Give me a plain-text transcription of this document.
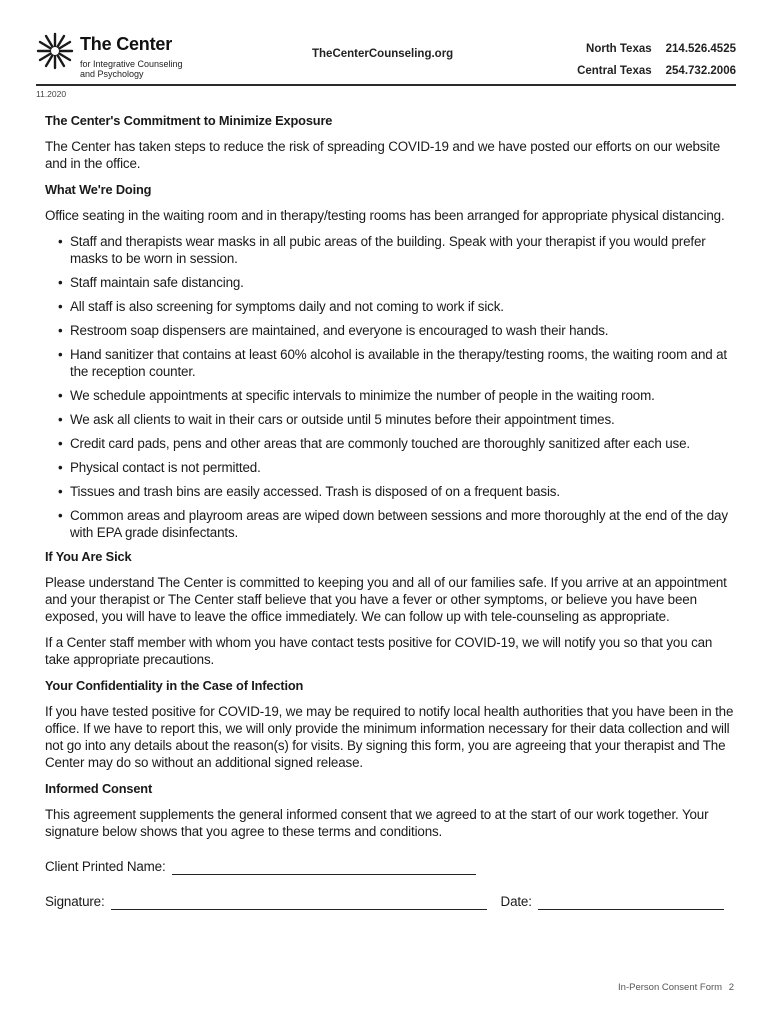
The Center
for Integrative Counseling
and Psychology
TheCenterCounseling.org	North Texas 214.526.4525
Central Texas 254.732.2006
11.2020
The Center's Commitment to Minimize Exposure

The Center has taken steps to reduce the risk of spreading COVID-19 and we have posted our efforts on our website and in the office.

What We're Doing

Office seating in the waiting room and in therapy/testing rooms has been arranged for appropriate physical distancing.

• Staff and therapists wear masks in all pubic areas of the building. Speak with your therapist if you would prefer masks to be worn in session.
• Staff maintain safe distancing.
• All staff is also screening for symptoms daily and not coming to work if sick.
• Restroom soap dispensers are maintained, and everyone is encouraged to wash their hands.
• Hand sanitizer that contains at least 60% alcohol is available in the therapy/testing rooms, the waiting room and at the reception counter.
• We schedule appointments at specific intervals to minimize the number of people in the waiting room.
• We ask all clients to wait in their cars or outside until 5 minutes before their appointment times.
• Credit card pads, pens and other areas that are commonly touched are thoroughly sanitized after each use.
• Physical contact is not permitted.
• Tissues and trash bins are easily accessed. Trash is disposed of on a frequent basis.
• Common areas and playroom areas are wiped down between sessions and more thoroughly at the end of the day with EPA grade disinfectants.
If You Are Sick

Please understand The Center is committed to keeping you and all of our families safe. If you arrive at an appointment and your therapist or The Center staff believe that you have a fever or other symptoms, or believe you have been exposed, you will have to leave the office immediately. We can follow up with tele-counseling as appropriate.

If a Center staff member with whom you have contact tests positive for COVID-19, we will notify you so that you can take appropriate precautions.

Your Confidentiality in the Case of Infection

If you have tested positive for COVID-19, we may be required to notify local health authorities that you have been in the office. If we have to report this, we will only provide the minimum information necessary for their data collection and will not go into any details about the reason(s) for visits. By signing this form, you are agreeing that your therapist and The Center may do so without an additional signed release.

Informed Consent

This agreement supplements the general informed consent that we agreed to at the start of our work together. Your signature below shows that you agree to these terms and conditions.

Client Printed Name:
Signature:	Date:
In-Person Consent Form 2
